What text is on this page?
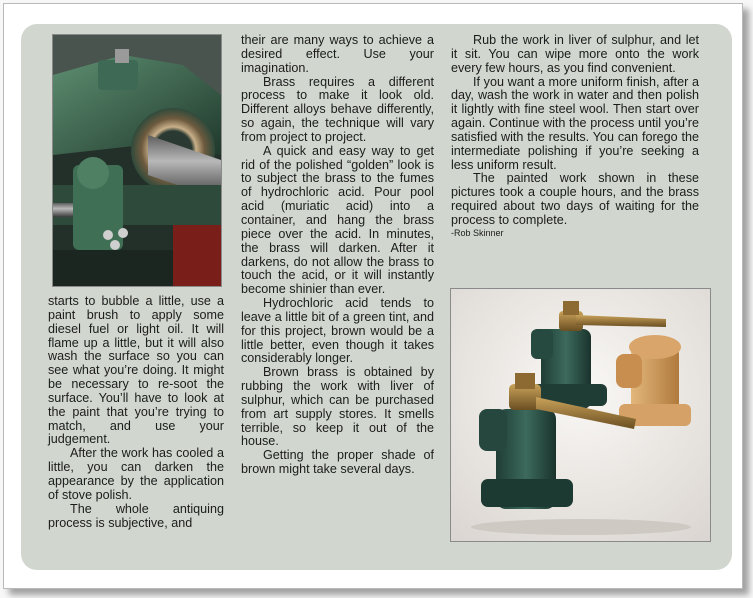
starts to bubble a little, use a paint brush to apply some diesel fuel or light oil. It will flame up a little, but it will also wash the surface so you can see what you’re doing. It might be necessary to re-soot the surface. You’ll have to look at the paint that you’re trying to match, and use your judgement.

After the work has cooled a little, you can darken the appearance by the application of stove polish.

The whole antiquing process is subjective, and

their are many ways to achieve a desired effect. Use your imagination.

Brass requires a different process to make it look old. Different alloys behave differently, so again, the technique will vary from project to project.

A quick and easy way to get rid of the polished “golden” look is to subject the brass to the fumes of hydrochloric acid. Pour pool acid (muriatic acid) into a container, and hang the brass piece over the acid. In minutes, the brass will darken. After it darkens, do not allow the brass to touch the acid, or it will instantly become shinier than ever.

Hydrochloric acid tends to leave a little bit of a green tint, and for this project, brown would be a little better, even though it takes considerably longer.

Brown brass is obtained by rubbing the work with liver of sulphur, which can be purchased from art supply stores. It smells terrible, so keep it out of the house.

Getting the proper shade of brown might take several days.

Rub the work in liver of sulphur, and let it sit. You can wipe more onto the work every few hours, as you find convenient.

If you want a more uniform finish, after a day, wash the work in water and then polish it lightly with fine steel wool. Then start over again. Continue with the process until you’re satisfied with the results. You can forego the intermediate polishing if you’re seeking a less uniform result.

The painted work shown in these pictures took a couple hours, and the brass required about two days of waiting for the process to complete.

-Rob Skinner
